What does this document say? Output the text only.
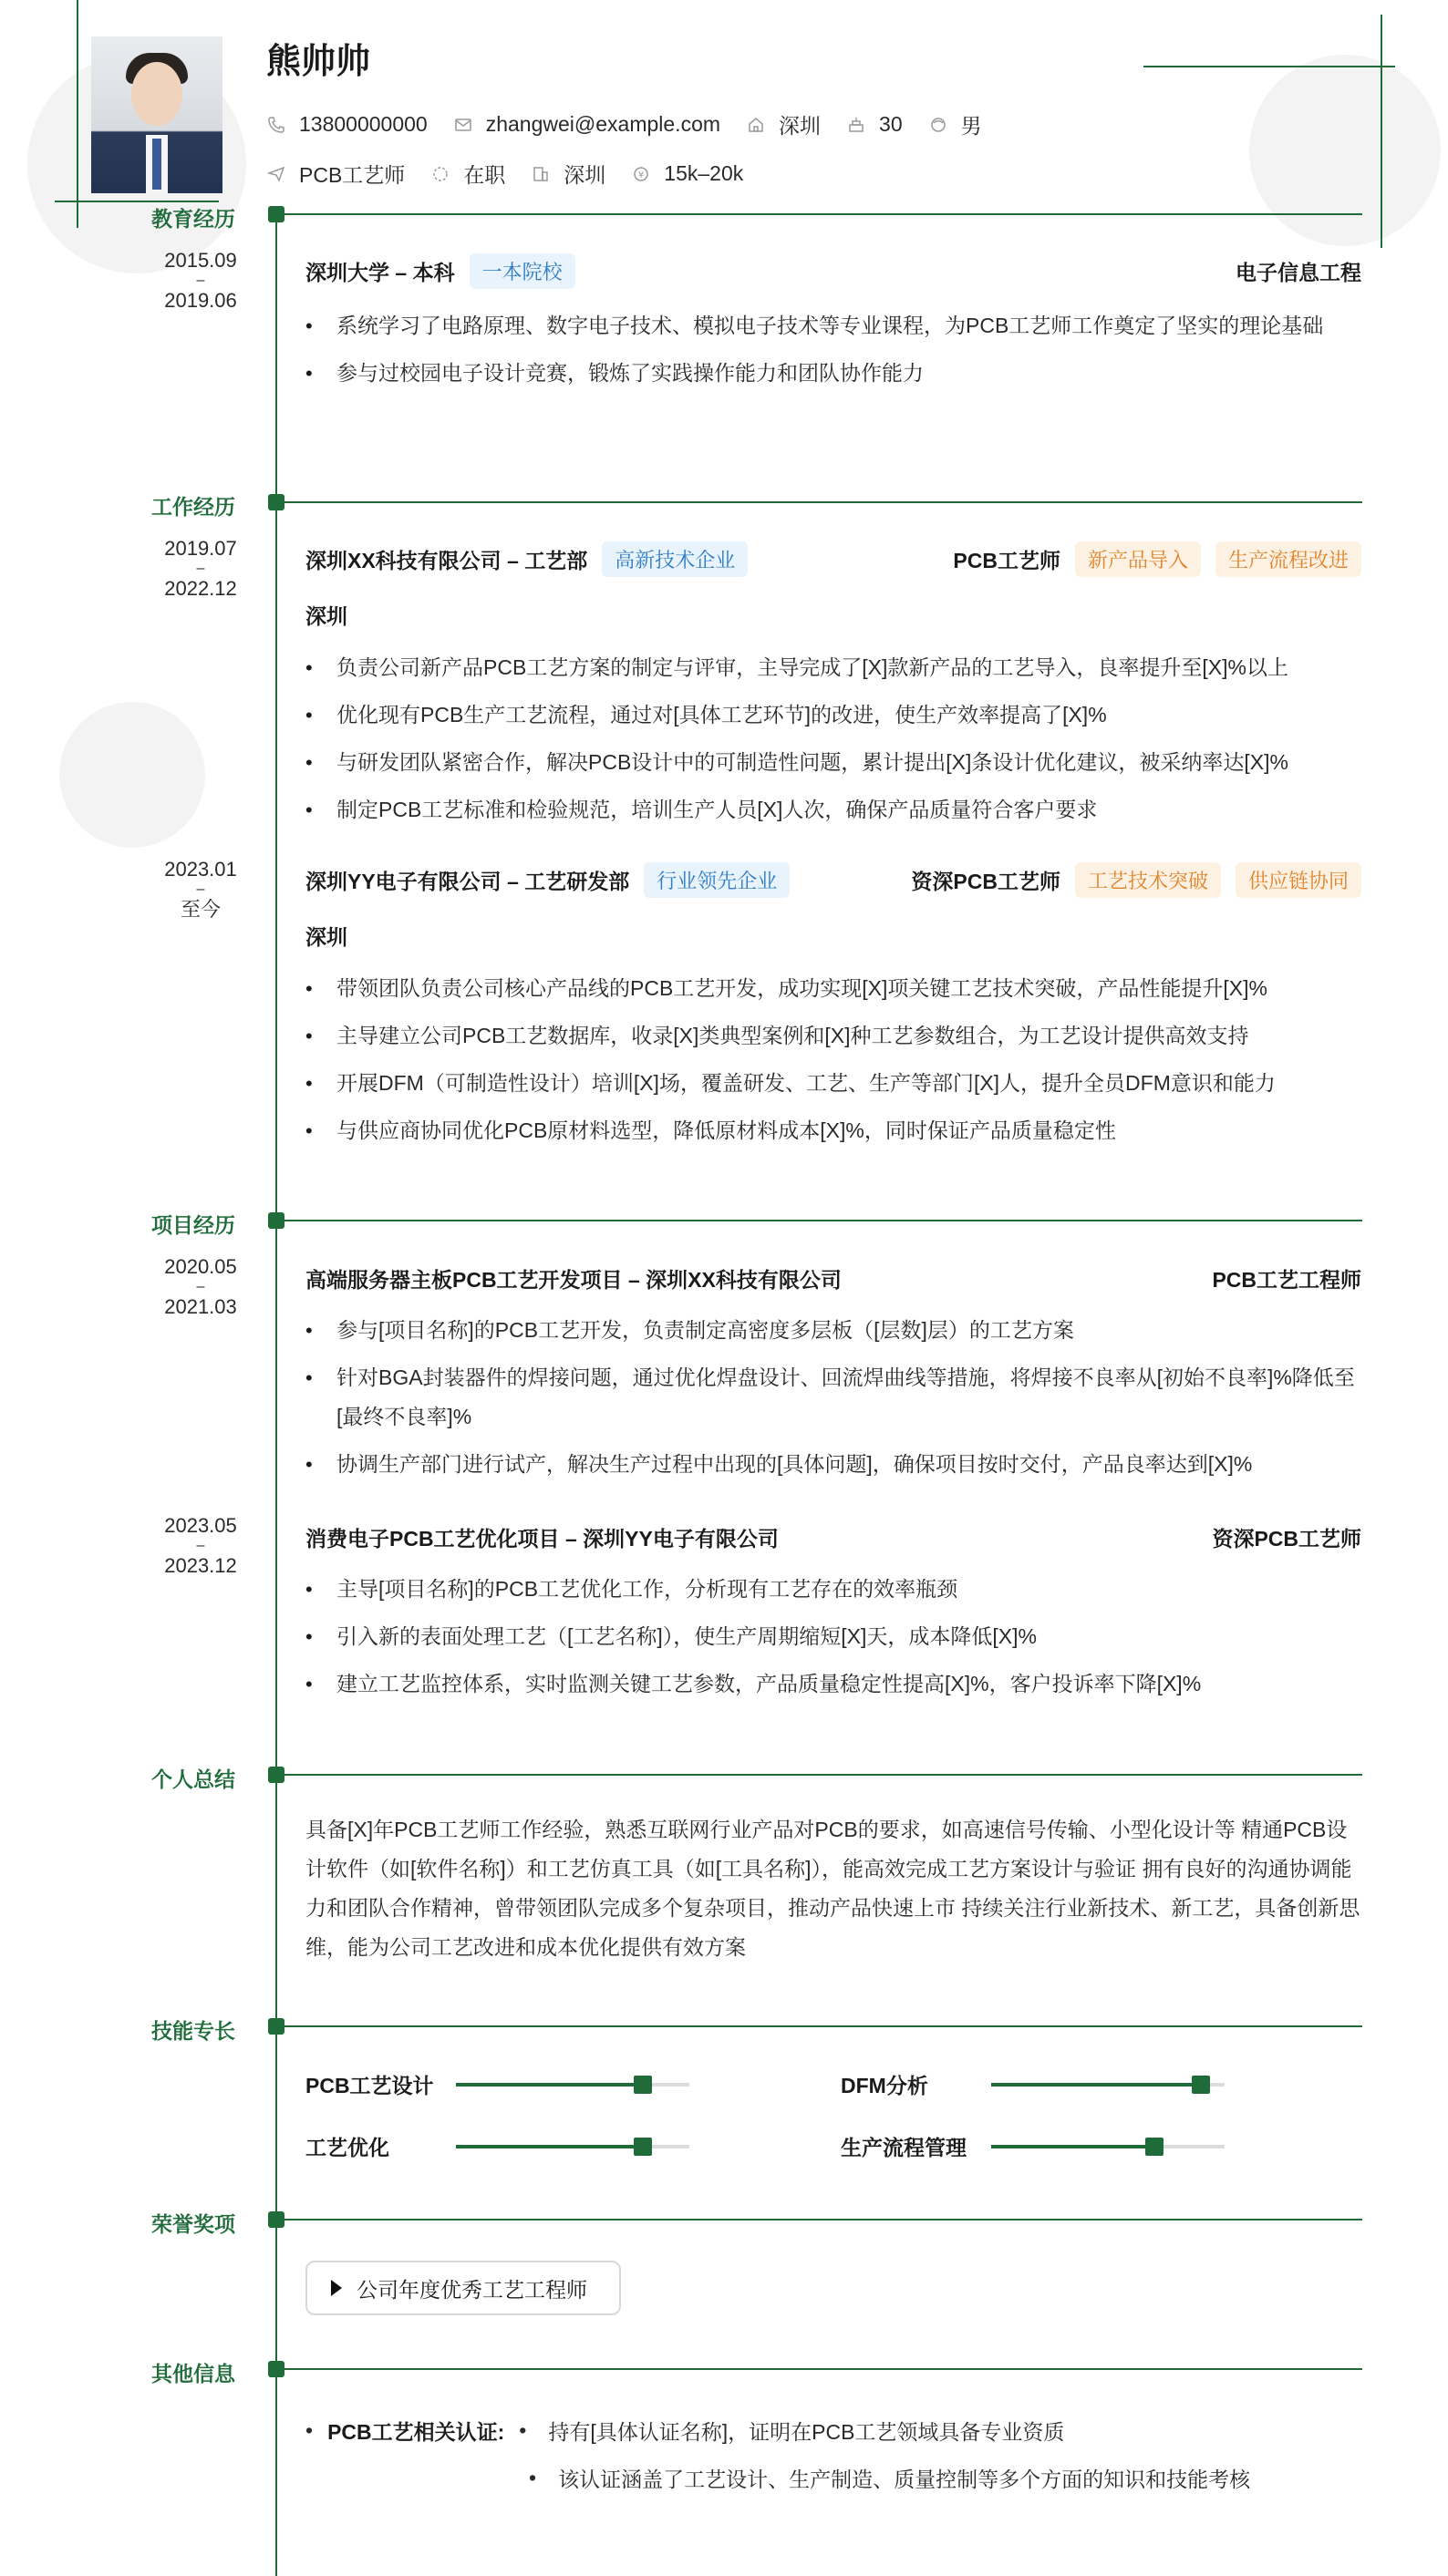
熊帅帅
13800000000	zhangwei@example.com	深圳	30	男
PCB工艺师	在职	深圳	¥ 15k–20k
教育经历
2015.09
–
2019.06
深圳大学 – 本科	一本院校	电子信息工程
• 系统学习了电路原理、数字电子技术、模拟电子技术等专业课程，为PCB工艺师工作奠定了坚实的理论基础
• 参与过校园电子设计竞赛，锻炼了实践操作能力和团队协作能力
工作经历
2019.07
–
2022.12
深圳XX科技有限公司 – 工艺部	高新技术企业	PCB工艺师	新产品导入	生产流程改进
深圳
• 负责公司新产品PCB工艺方案的制定与评审，主导完成了[X]款新产品的工艺导入，良率提升至[X]%以上
• 优化现有PCB生产工艺流程，通过对[具体工艺环节]的改进，使生产效率提高了[X]%
• 与研发团队紧密合作，解决PCB设计中的可制造性问题，累计提出[X]条设计优化建议，被采纳率达[X]%
• 制定PCB工艺标准和检验规范，培训生产人员[X]人次，确保产品质量符合客户要求
2023.01
–
至今
深圳YY电子有限公司 – 工艺研发部	行业领先企业	资深PCB工艺师	工艺技术突破	供应链协同
深圳
• 带领团队负责公司核心产品线的PCB工艺开发，成功实现[X]项关键工艺技术突破，产品性能提升[X]%
• 主导建立公司PCB工艺数据库，收录[X]类典型案例和[X]种工艺参数组合，为工艺设计提供高效支持
• 开展DFM（可制造性设计）培训[X]场，覆盖研发、工艺、生产等部门[X]人，提升全员DFM意识和能力
• 与供应商协同优化PCB原材料选型，降低原材料成本[X]%，同时保证产品质量稳定性
项目经历
2020.05
–
2021.03
高端服务器主板PCB工艺开发项目 – 深圳XX科技有限公司	PCB工艺工程师
• 参与[项目名称]的PCB工艺开发，负责制定高密度多层板（[层数]层）的工艺方案
• 针对BGA封装器件的焊接问题，通过优化焊盘设计、回流焊曲线等措施，将焊接不良率从[初始不良率]%降低至[最终不良率]%
• 协调生产部门进行试产，解决生产过程中出现的[具体问题]，确保项目按时交付，产品良率达到[X]%
2023.05
–
2023.12
消费电子PCB工艺优化项目 – 深圳YY电子有限公司	资深PCB工艺师
• 主导[项目名称]的PCB工艺优化工作，分析现有工艺存在的效率瓶颈
• 引入新的表面处理工艺（[工艺名称]），使生产周期缩短[X]天，成本降低[X]%
• 建立工艺监控体系，实时监测关键工艺参数，产品质量稳定性提高[X]%，客户投诉率下降[X]%
个人总结
具备[X]年PCB工艺师工作经验，熟悉互联网行业产品对PCB的要求，如高速信号传输、小型化设计等 精通PCB设计软件（如[软件名称]）和工艺仿真工具（如[工具名称]），能高效完成工艺方案设计与验证 拥有良好的沟通协调能力和团队合作精神，曾带领团队完成多个复杂项目，推动产品快速上市 持续关注行业新技术、新工艺，具备创新思维，能为公司工艺改进和成本优化提供有效方案
技能专长
PCB工艺设计	DFM分析
工艺优化	生产流程管理
荣誉奖项
公司年度优秀工艺工程师
其他信息
• PCB工艺相关认证: • 持有[具体认证名称]，证明在PCB工艺领域具备专业资质
• 该认证涵盖了工艺设计、生产制造、质量控制等多个方面的知识和技能考核
